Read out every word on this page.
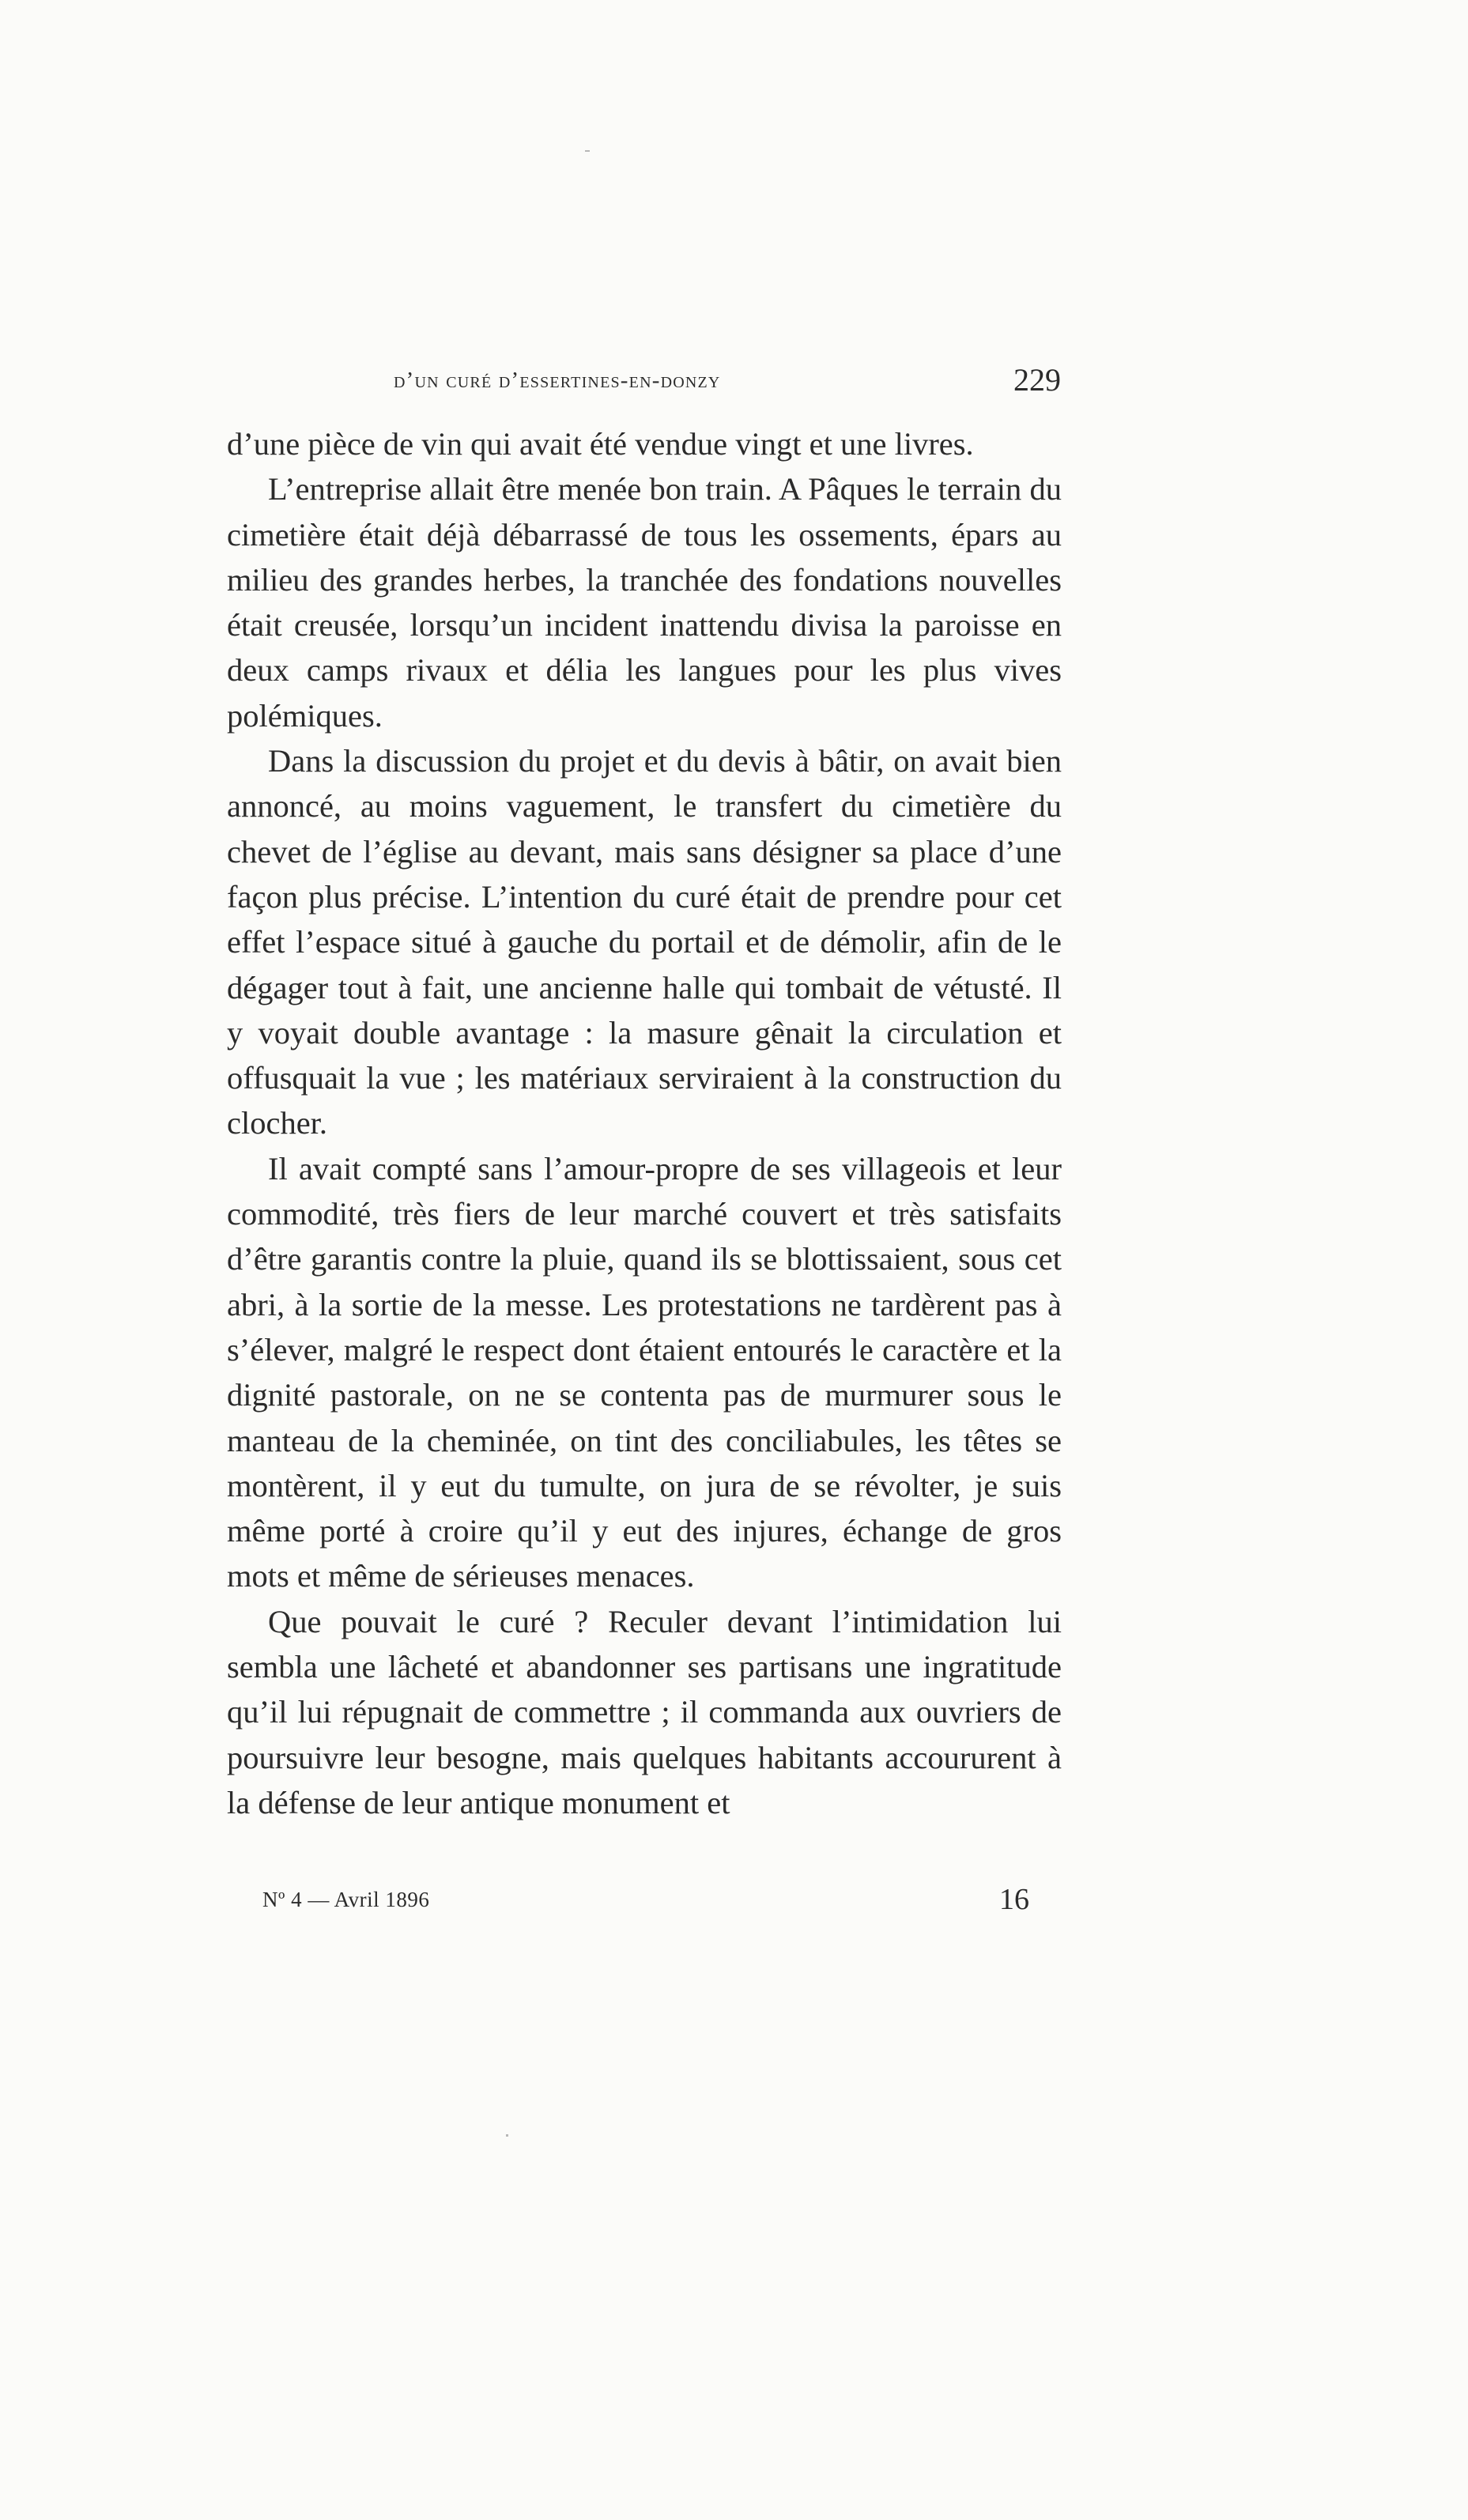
d’un curé d’essertines-en-donzy	229

d’une pièce de vin qui avait été vendue vingt et une livres.

L’entreprise allait être menée bon train. A Pâques le terrain du cimetière était déjà débarrassé de tous les ossements, épars au milieu des grandes herbes, la tranchée des fondations nouvelles était creusée, lorsqu’un incident inattendu divisa la paroisse en deux camps rivaux et délia les langues pour les plus vives polémiques.

Dans la discussion du projet et du devis à bâtir, on avait bien annoncé, au moins vaguement, le transfert du cimetière du chevet de l’église au devant, mais sans désigner sa place d’une façon plus précise. L’intention du curé était de prendre pour cet effet l’espace situé à gauche du portail et de démolir, afin de le dégager tout à fait, une ancienne halle qui tombait de vétusté. Il y voyait double avantage : la masure gênait la circulation et offusquait la vue ; les matériaux serviraient à la construction du clocher.

Il avait compté sans l’amour-propre de ses villageois et leur commodité, très fiers de leur marché couvert et très satisfaits d’être garantis contre la pluie, quand ils se blottissaient, sous cet abri, à la sortie de la messe. Les protestations ne tardèrent pas à s’élever, malgré le respect dont étaient entourés le caractère et la dignité pastorale, on ne se contenta pas de murmurer sous le manteau de la cheminée, on tint des conciliabules, les têtes se montèrent, il y eut du tumulte, on jura de se révolter, je suis même porté à croire qu’il y eut des injures, échange de gros mots et même de sérieuses menaces.

Que pouvait le curé ? Reculer devant l’intimidation lui sembla une lâcheté et abandonner ses partisans une ingratitude qu’il lui répugnait de commettre ; il commanda aux ouvriers de poursuivre leur besogne, mais quelques habitants accoururent à la défense de leur antique monument et

Nº 4 — Avril 1896	16
